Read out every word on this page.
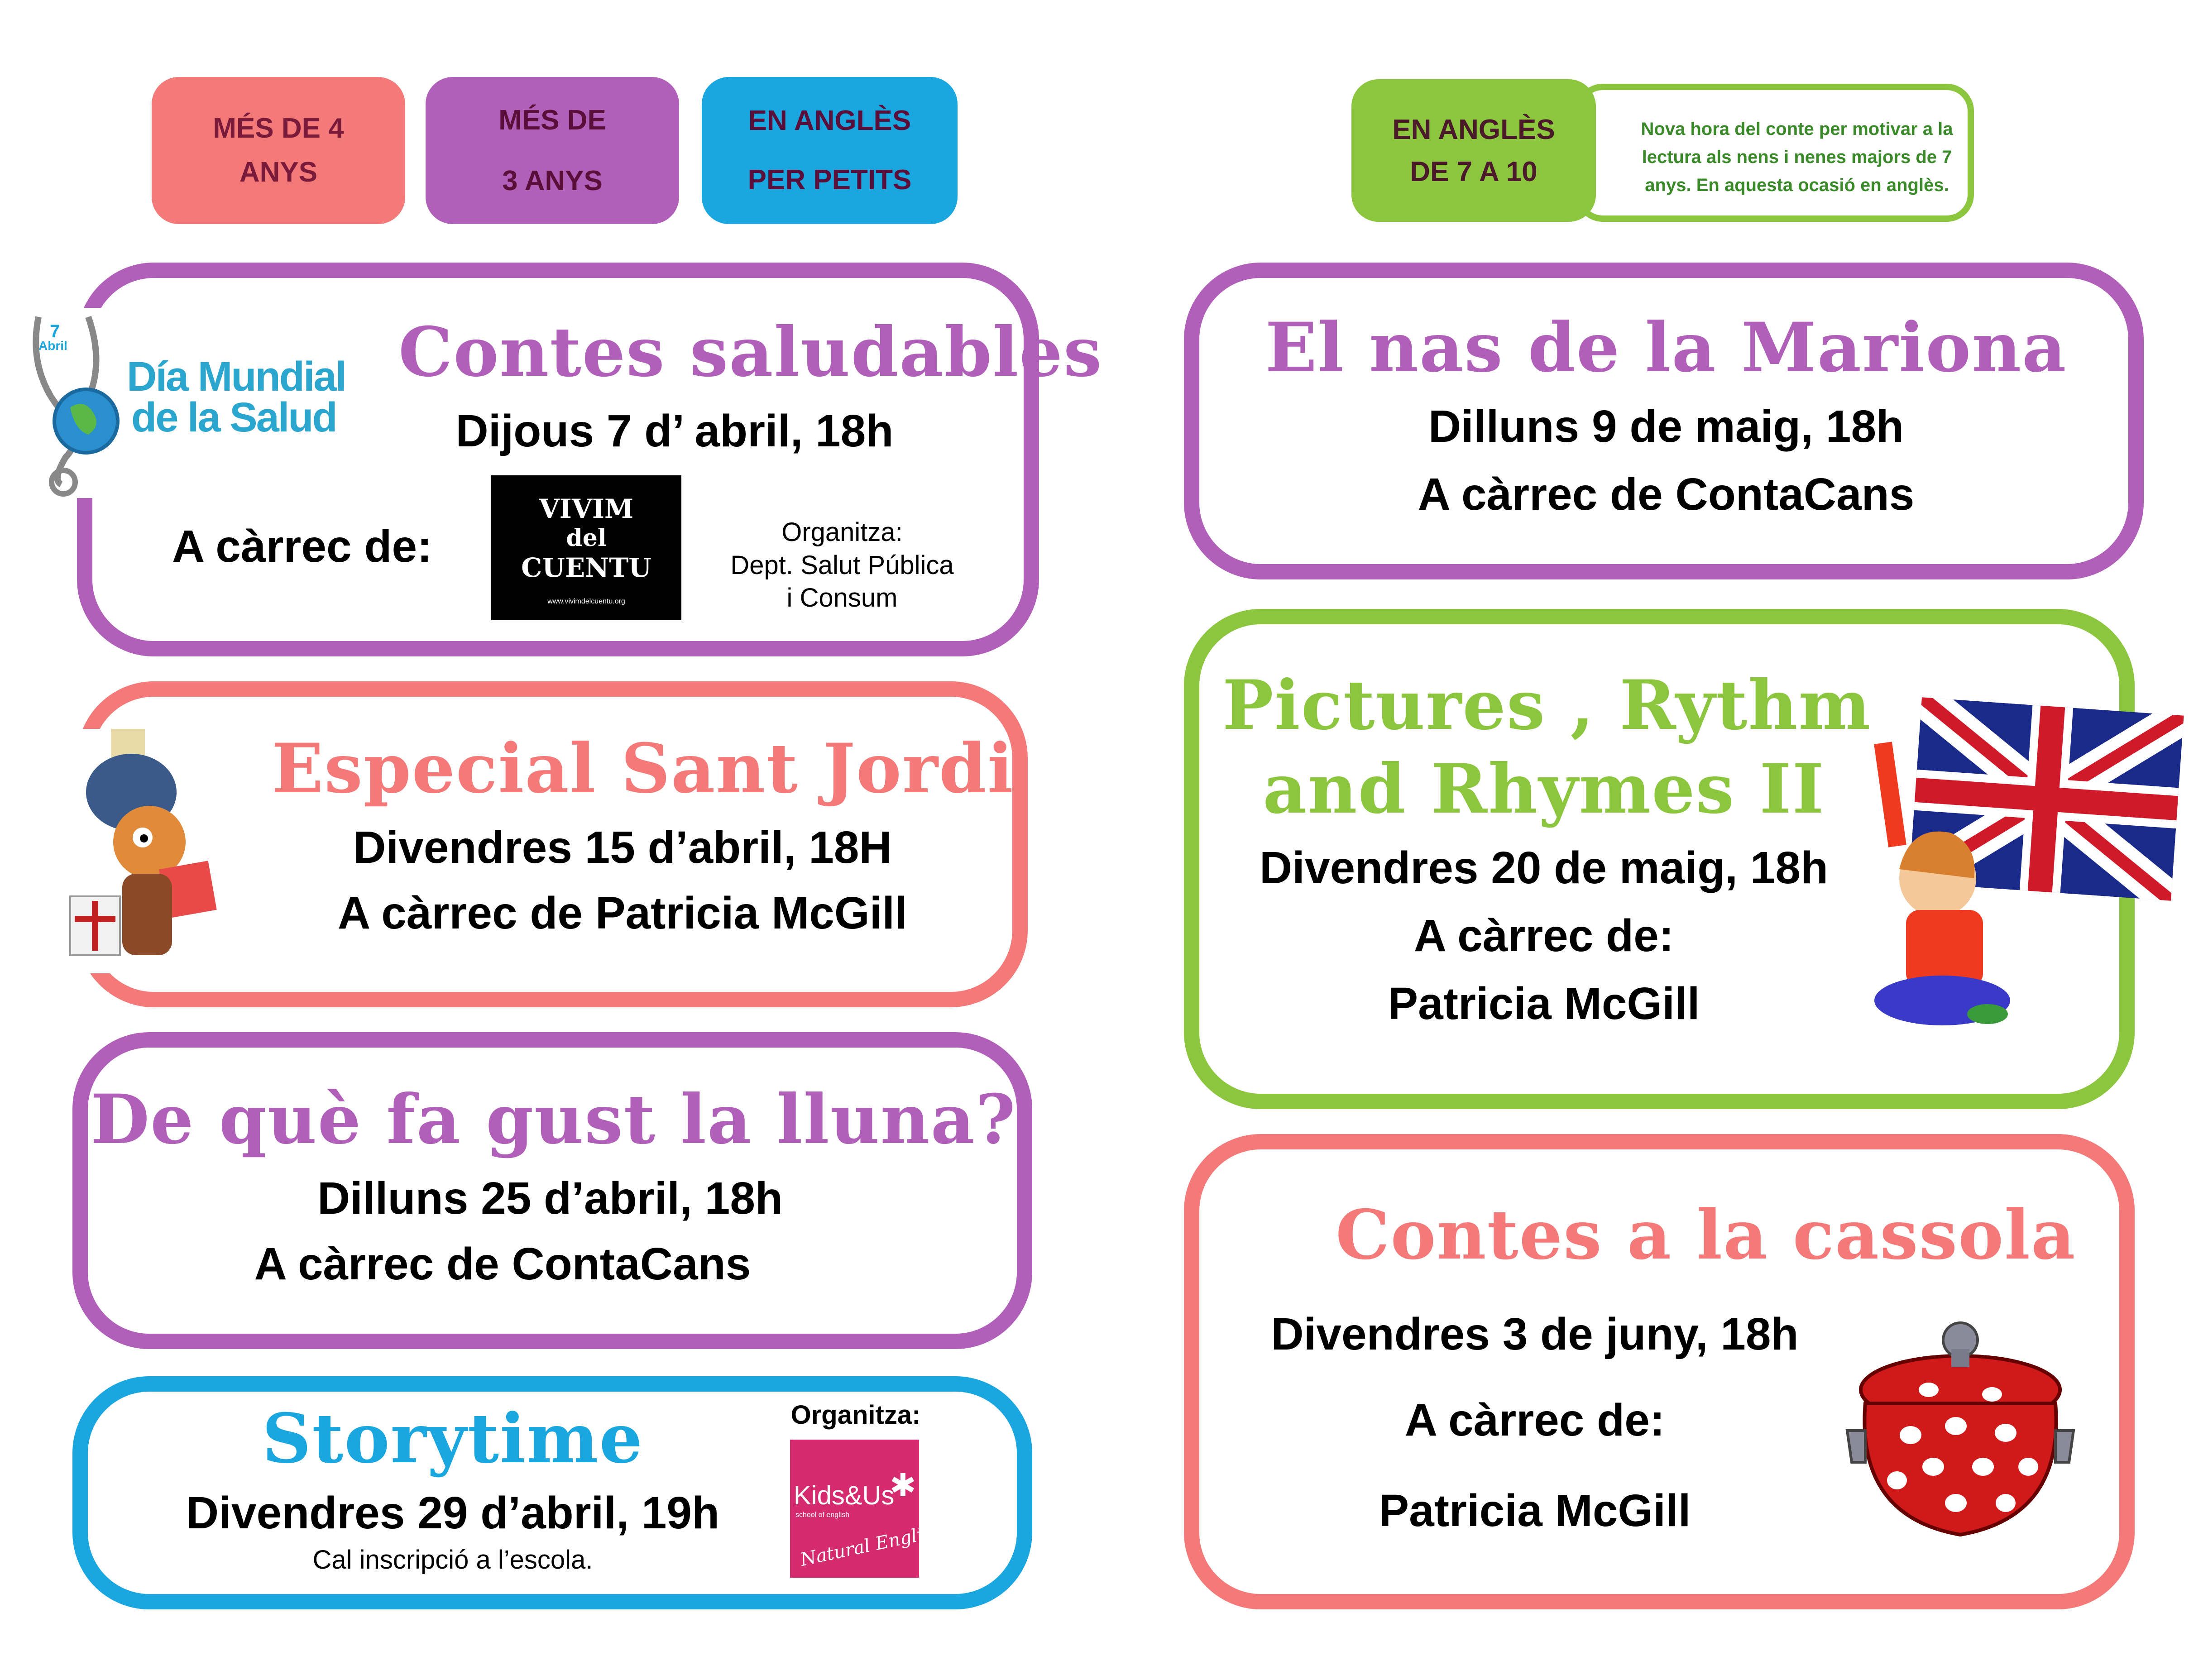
MÉS DE 4
ANYS
MÉS DE
3 ANYS
EN ANGLÈS
PER PETITS
Nova hora del conte per motivar a la
lectura als nens i nenes majors de 7
anys. En aquesta ocasió en anglès.
EN ANGLÈS
DE 7 A 10
7
Abril
Día Mundial
de la Salud
Contes saludables
Dijous 7 d’ abril, 18h
A càrrec de:
VIVIM
del
CUENTU
www.vivimdelcuentu.org
Organitza:
Dept. Salut Pública
i Consum
Especial Sant Jordi
Divendres 15 d’abril, 18H
A càrrec de Patricia McGill
De què fa gust la lluna?
Dilluns 25 d’abril, 18h
A càrrec de ContaCans
Storytime
Divendres 29 d’abril, 19h
Cal inscripció a l’escola.
Organitza:
Kids&Us
school of english
Natural English
✱
El nas de la Mariona
Dilluns 9 de maig, 18h
A càrrec de ContaCans
Pictures , Rythm
and Rhymes II
Divendres 20 de maig, 18h
A càrrec de:
Patricia McGill
Contes a la cassola
Divendres 3 de juny, 18h
A càrrec de:
Patricia McGill
